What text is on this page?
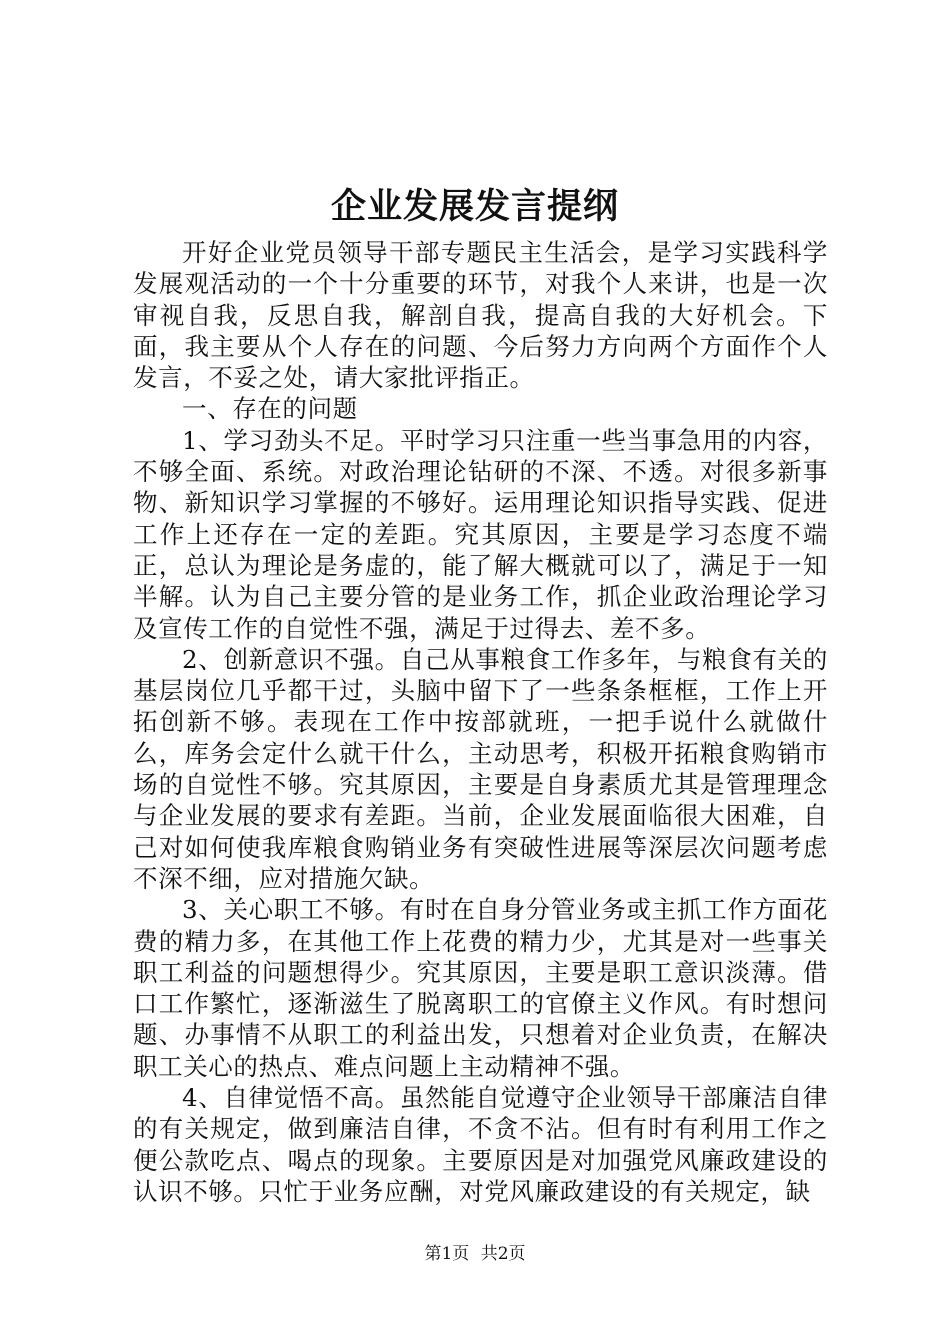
企业发展发言提纲

开好企业党员领导干部专题民主生活会，是学习实践科学发展观活动的一个十分重要的环节，对我个人来讲，也是一次审视自我，反思自我，解剖自我，提高自我的大好机会。下面，我主要从个人存在的问题、今后努力方向两个方面作个人发言，不妥之处，请大家批评指正。

一、存在的问题

1、学习劲头不足。平时学习只注重一些当事急用的内容，不够全面、系统。对政治理论钻研的不深、不透。对很多新事物、新知识学习掌握的不够好。运用理论知识指导实践、促进工作上还存在一定的差距。究其原因，主要是学习态度不端正，总认为理论是务虚的，能了解大概就可以了，满足于一知半解。认为自己主要分管的是业务工作，抓企业政治理论学习及宣传工作的自觉性不强，满足于过得去、差不多。

2、创新意识不强。自己从事粮食工作多年，与粮食有关的基层岗位几乎都干过，头脑中留下了一些条条框框，工作上开拓创新不够。表现在工作中按部就班，一把手说什么就做什么，库务会定什么就干什么，主动思考，积极开拓粮食购销市场的自觉性不够。究其原因，主要是自身素质尤其是管理理念与企业发展的要求有差距。当前，企业发展面临很大困难，自己对如何使我库粮食购销业务有突破性进展等深层次问题考虑不深不细，应对措施欠缺。

3、关心职工不够。有时在自身分管业务或主抓工作方面花费的精力多，在其他工作上花费的精力少，尤其是对一些事关职工利益的问题想得少。究其原因，主要是职工意识淡薄。借口工作繁忙，逐渐滋生了脱离职工的官僚主义作风。有时想问题、办事情不从职工的利益出发，只想着对企业负责，在解决职工关心的热点、难点问题上主动精神不强。

4、自律觉悟不高。虽然能自觉遵守企业领导干部廉洁自律的有关规定，做到廉洁自律，不贪不沾。但有时有利用工作之便公款吃点、喝点的现象。主要原因是对加强党风廉政建设的认识不够。只忙于业务应酬，对党风廉政建设的有关规定，缺

第1页 共2页
